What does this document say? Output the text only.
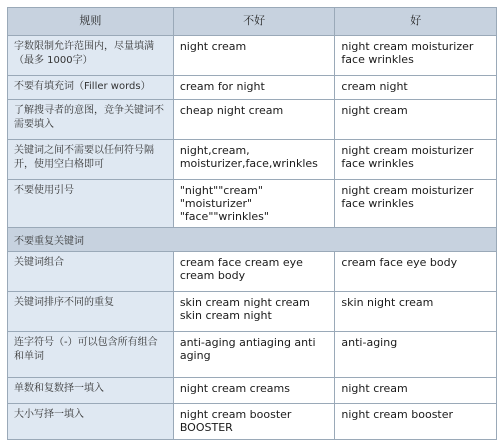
规则	不好	好
字数限制允许范围内，尽量填满（最多 1000字）	night cream	night cream moisturizer face wrinkles
不要有填充词（Filler words）	cream for night	cream night
了解搜寻者的意图，竞争关键词不需要填入	cheap night cream	night cream
关键词之间不需要以任何符号隔开，使用空白格即可	night,cream, moisturizer,face,wrinkles	night cream moisturizer face wrinkles
不要使用引号	"night""cream" "moisturizer" "face""wrinkles"	night cream moisturizer face wrinkles
不要重复关键词		
关键词组合	cream face cream eye cream body	cream face eye body
关键词排序不同的重复	skin cream night cream skin cream night	skin night cream
连字符号（-）可以包含所有组合和单词	anti-aging antiaging anti aging	anti-aging
单数和复数择一填入	night cream creams	night cream
大小写择一填入	night cream booster BOOSTER	night cream booster
